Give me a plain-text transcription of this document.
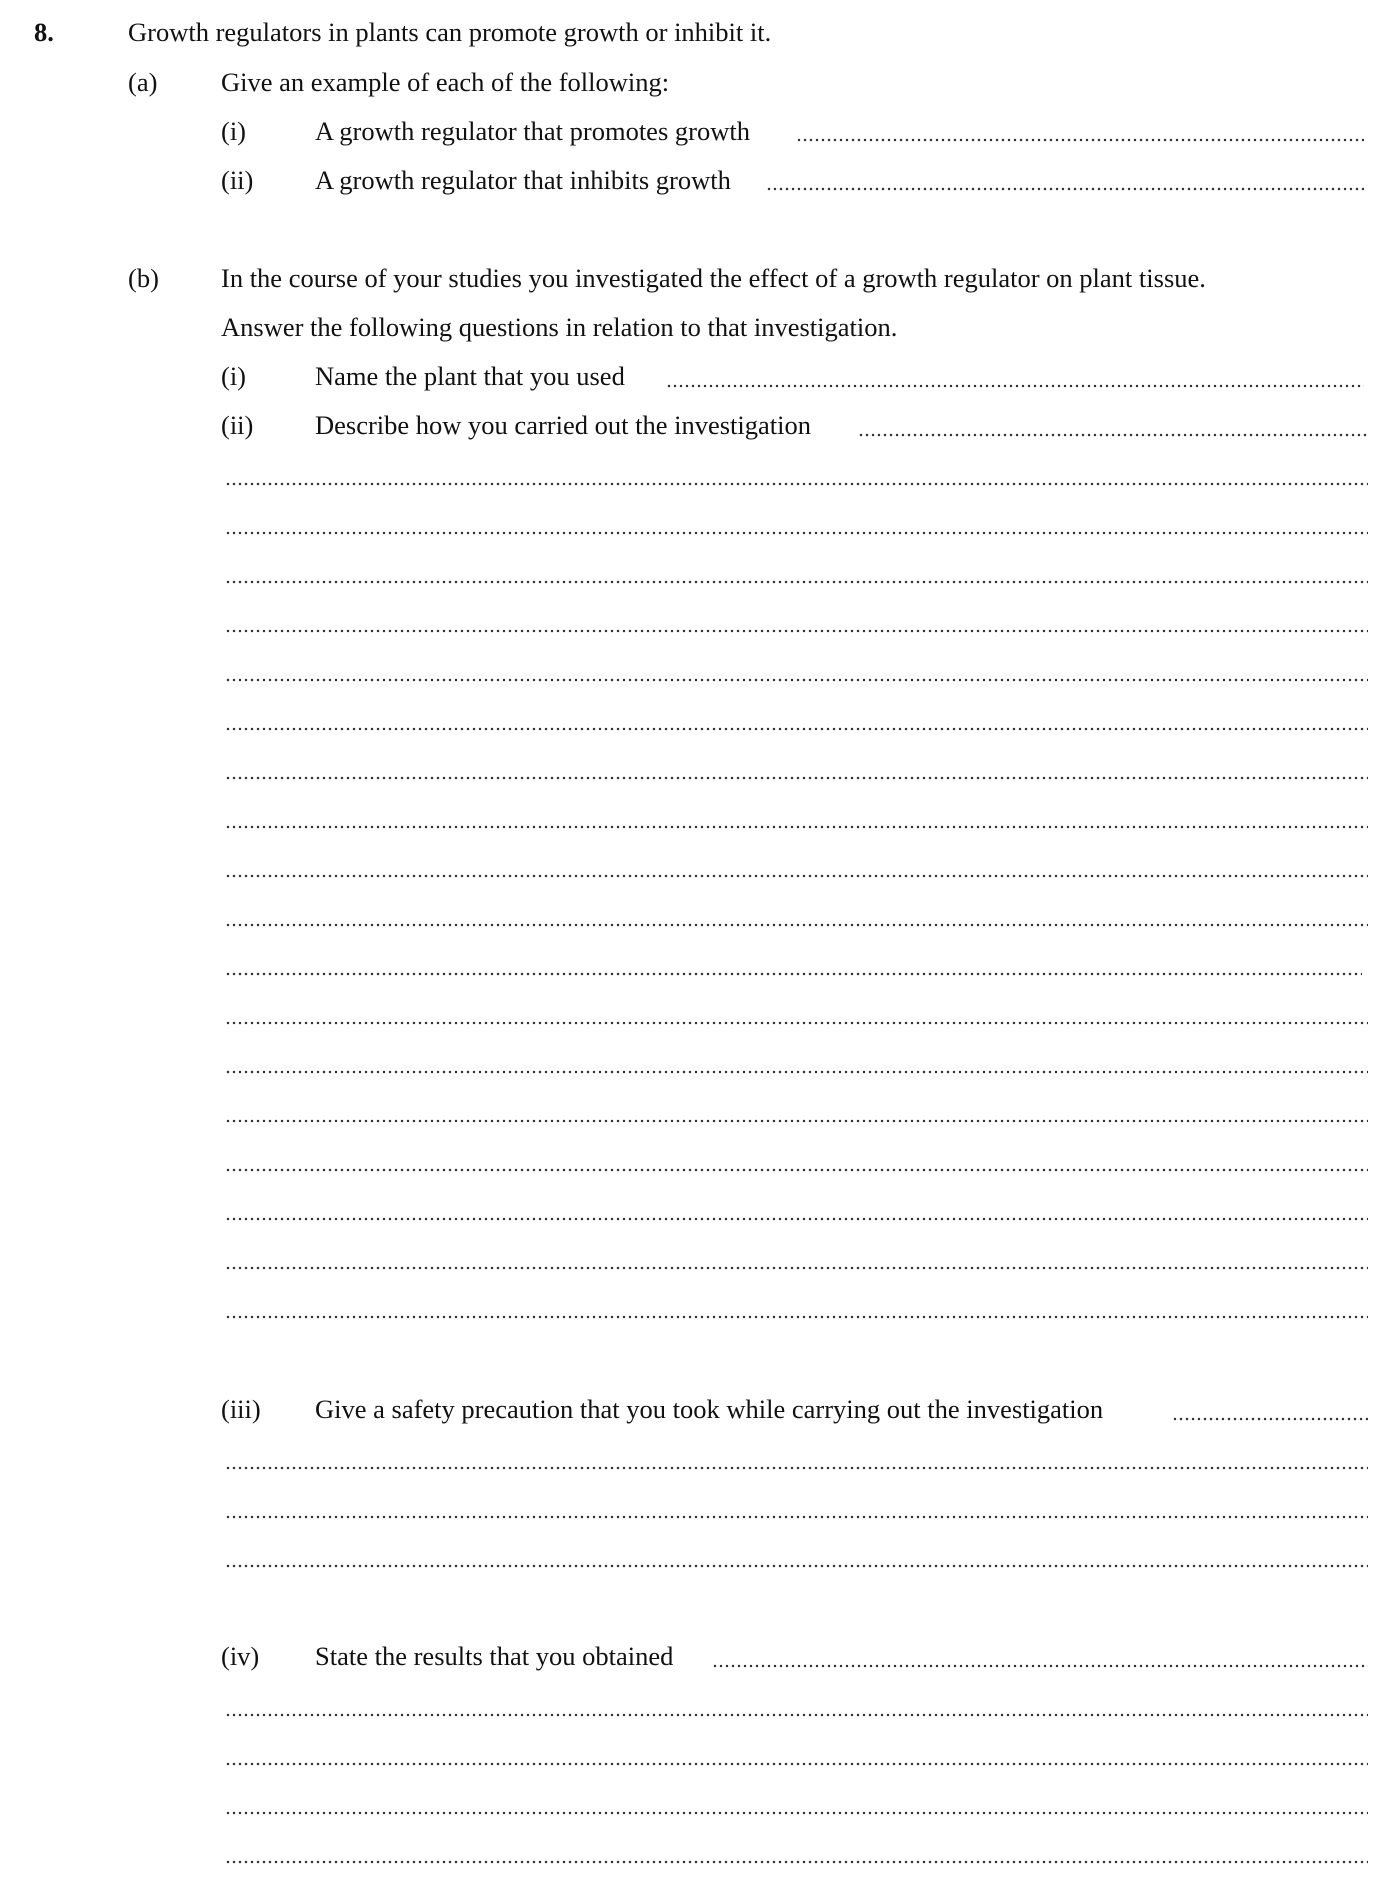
8.	Growth regulators in plants can promote growth or inhibit it.
(a) Give an example of each of the following:
(i)	A growth regulator that promotes growth
(ii) A growth regulator that inhibits growth
(b) In the course of your studies you investigated the effect of a growth regulator on plant tissue.
Answer the following questions in relation to that investigation.
(i)	Name the plant that you used
(ii) Describe how you carried out the investigation
(iii) Give a safety precaution that you took while carrying out the investigation
(iv) State the results that you obtained
